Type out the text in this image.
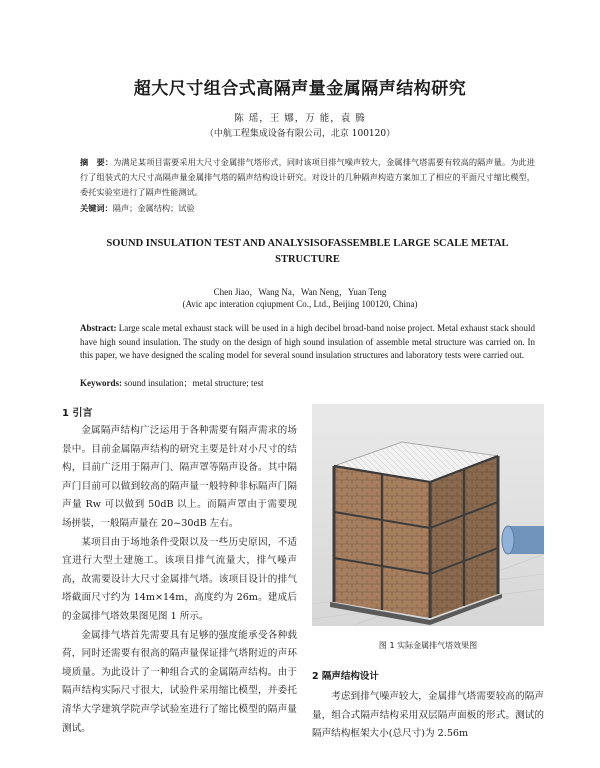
超大尺寸组合式高隔声量金属隔声结构研究
陈 瑶，王 娜，万 能，袁 腾
（中航工程集成设备有限公司，北京 100120）
摘　要：为满足某项目需要采用大尺寸金属排气塔形式，同时该项目排气噪声较大，金属排气塔需要有较高的隔声量。为此进行了组装式的大尺寸高隔声量金属排气塔的隔声结构设计研究。对设计的几种隔声构造方案加工了相应的平面尺寸缩比模型，委托实验室进行了隔声性能测试。
关键词：隔声；金属结构；试验
SOUND INSULATION TEST AND ANALYSISOFASSEMBLE LARGE SCALE METAL STRUCTURE
Chen Jiao，Wang Na，Wan Neng，Yuan Teng
(Avic apc interation cqiupment Co., Ltd., Beijing 100120, China)
Abstract: Large scale metal exhaust stack will be used in a high decibel broad-band noise project. Metal exhaust stack should have high sound insulation. The study on the design of high sound insulation of assemble metal structure was carried on. In this paper, we have designed the scaling model for several sound insulation structures and laboratory tests were carried out.
Keywords: sound insulation；metal structure; test
1 引言

金属隔声结构广泛运用于各种需要有隔声需求的场景中。目前金属隔声结构的研究主要是针对小尺寸的结构，目前广泛用于隔声门、隔声罩等隔声设备。其中隔声门目前可以做到较高的隔声量一般特种非标隔声门隔声量 Rw 可以做到 50dB 以上。而隔声罩由于需要现场拼装，一般隔声量在 20~30dB 左右。

某项目由于场地条件受限以及一些历史原因，不适宜进行大型土建施工。该项目排气流量大，排气噪声高，故需要设计大尺寸金属排气塔。该项目设计的排气塔截面尺寸约为 14m×14m，高度约为 26m。建成后的金属排气塔效果图见图 1 所示。

金属排气塔首先需要具有足够的强度能承受各种载荷，同时还需要有很高的隔声量保证排气塔附近的声环境质量。为此设计了一种组合式的金属隔声结构。由于隔声结构实际尺寸很大，试验件采用缩比模型，并委托清华大学建筑学院声学试验室进行了缩比模型的隔声量测试。

图 1 实际金属排气塔效果图
2 隔声结构设计

考虑到排气噪声较大，金属排气塔需要较高的隔声量，组合式隔声结构采用双层隔声面板的形式。测试的隔声结构框架大小(总尺寸)为 2.56m
